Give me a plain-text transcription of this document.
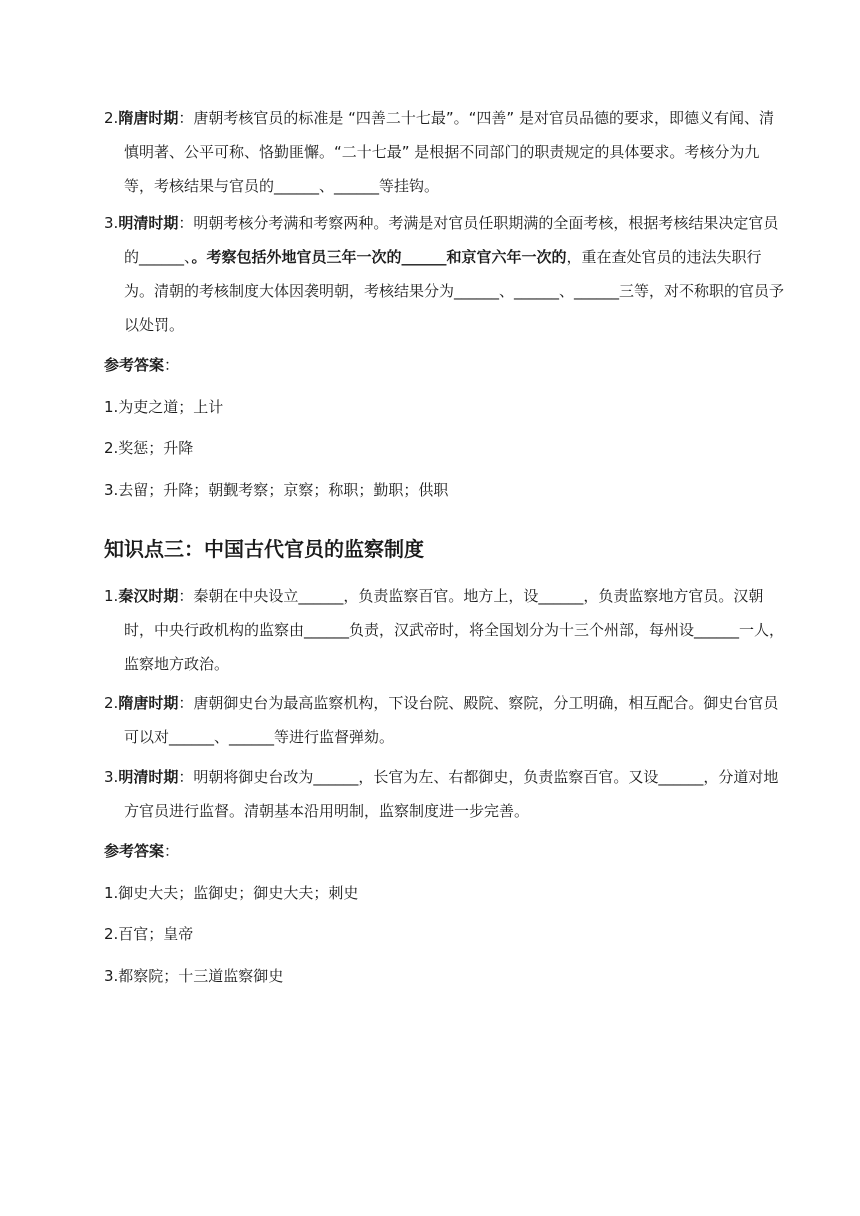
2.隋唐时期：唐朝考核官员的标准是 “四善二十七最”。“四善” 是对官员品德的要求，即德义有闻、清慎明著、公平可称、恪勤匪懈。“二十七最” 是根据不同部门的职责规定的具体要求。考核分为九等，考核结果与官员的______、______等挂钩。
3.明清时期：明朝考核分考满和考察两种。考满是对官员任职期满的全面考核，根据考核结果决定官员的______、。考察包括外地官员三年一次的______和京官六年一次的，重在查处官员的违法失职行为。清朝的考核制度大体因袭明朝，考核结果分为______、______、______三等，对不称职的官员予以处罚。
参考答案：
1.为吏之道；上计
2.奖惩；升降
3.去留；升降；朝觐考察；京察；称职；勤职；供职
知识点三：中国古代官员的监察制度
1.秦汉时期：秦朝在中央设立______，负责监察百官。地方上，设______，负责监察地方官员。汉朝时，中央行政机构的监察由______负责，汉武帝时，将全国划分为十三个州部，每州设______一人，监察地方政治。
2.隋唐时期：唐朝御史台为最高监察机构，下设台院、殿院、察院，分工明确，相互配合。御史台官员可以对______、______等进行监督弹劾。
3.明清时期：明朝将御史台改为______，长官为左、右都御史，负责监察百官。又设______，分道对地方官员进行监督。清朝基本沿用明制，监察制度进一步完善。
参考答案：
1.御史大夫；监御史；御史大夫；刺史
2.百官；皇帝
3.都察院；十三道监察御史
